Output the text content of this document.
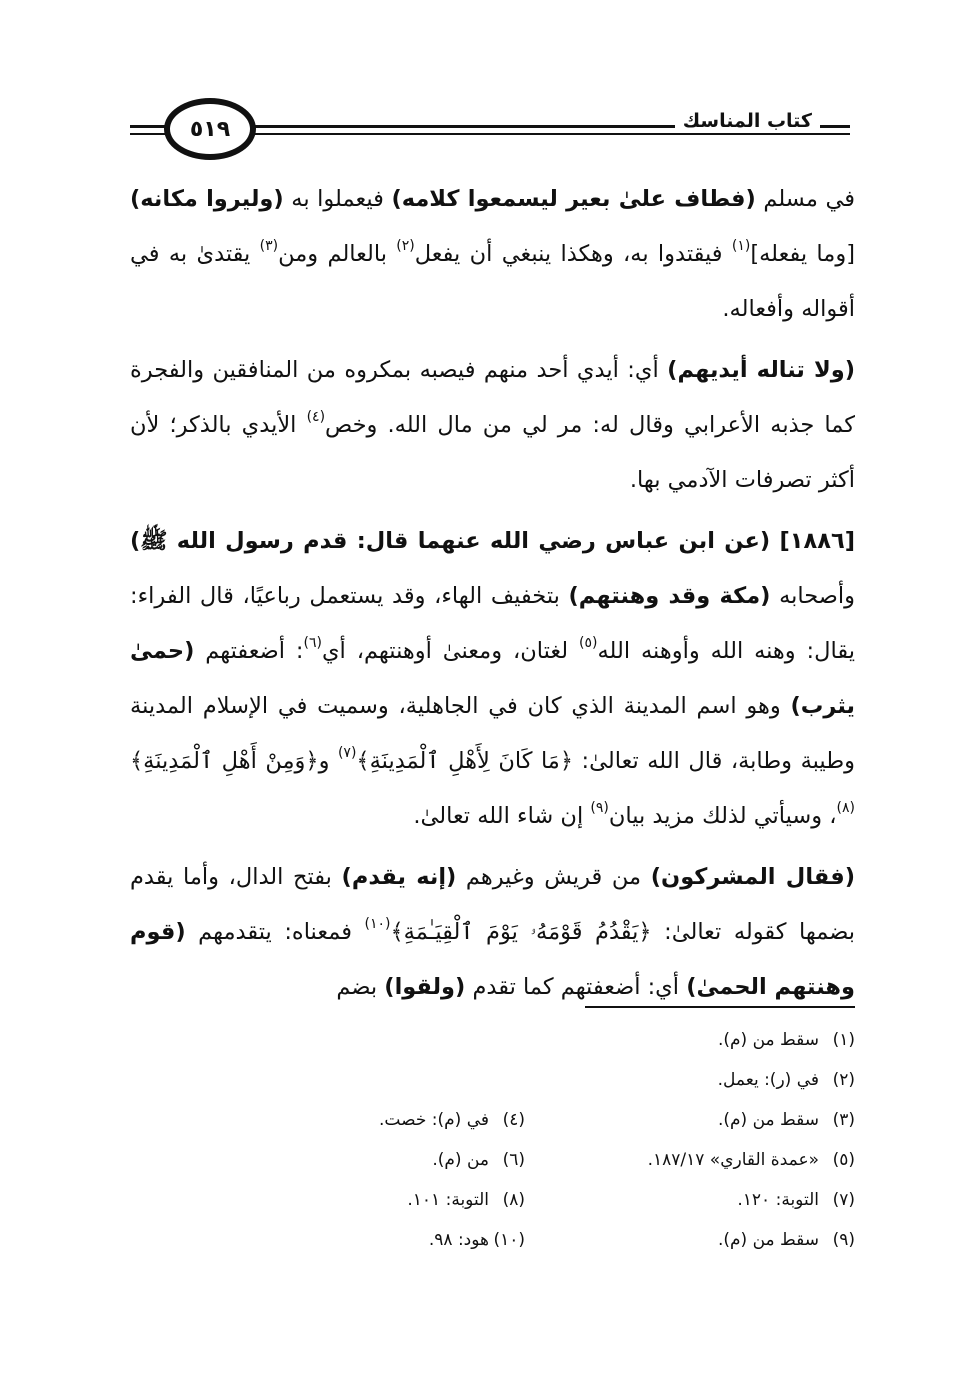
٥١٩	كتاب المناسك

في مسلم (فطاف علىٰ بعير ليسمعوا كلامه) فيعملوا به (وليروا مكانه) [وما يفعله]$^{(١)}$ فيقتدوا به، وهكذا ينبغي أن يفعل$^{(٢)}$ بالعالم ومن$^{(٣)}$ يقتدىٰ به في أقواله وأفعاله.

(ولا تناله أيديهم) أي: أيدي أحد منهم فيصبه بمكروه من المنافقين والفجرة كما جذبه الأعرابي وقال له: مر لي من مال الله. وخص$^{(٤)}$ الأيدي بالذكر؛ لأن أكثر تصرفات الآدمي بها.

[١٨٨٦] (عن ابن عباس رضي الله عنهما قال: قدم رسول الله ﷺ) وأصحابه (مكة وقد وهنتهم) بتخفيف الهاء، وقد يستعمل رباعيًا، قال الفراء: يقال: وهنه الله وأوهنه الله$^{(٥)}$ لغتان، ومعنىٰ أوهنتهم، أي$^{(٦)}$: أضعفتهم (حمىٰ يثرب) وهو اسم المدينة الذي كان في الجاهلية، وسميت في الإسلام المدينة وطيبة وطابة، قال الله تعالىٰ: ﴿مَا كَانَ لِأَهْلِ ٱلْمَدِينَةِ﴾$^{(٧)}$ و﴿وَمِنْ أَهْلِ ٱلْمَدِينَةِ﴾$^{(٨)}$، وسيأتي لذلك مزيد بيان$^{(٩)}$ إن شاء الله تعالىٰ.

(فقال المشركون) من قريش وغيرهم (إنه يقدم) بفتح الدال، وأما يقدم بضمها كقوله تعالىٰ: ﴿يَقْدُمُ قَوْمَهُۥ يَوْمَ ٱلْقِيَـٰمَةِ﴾$^{(١٠)}$ فمعناه: يتقدمهم (قوم وهنتهم الحمىٰ) أي: أضعفتهم كما تقدم (ولقوا) بضم

(١)سقط من (م).
(٢)في (ر): يعمل.
(٣)سقط من (م).
(٤)في (م): خصت.
(٥)«عمدة القاري» ١٨٧/١٧.
(٦)من (م).
(٧)التوبة: ١٢٠.
(٨)التوبة: ١٠١.
(٩)سقط من (م).
(١٠)هود: ٩٨.
